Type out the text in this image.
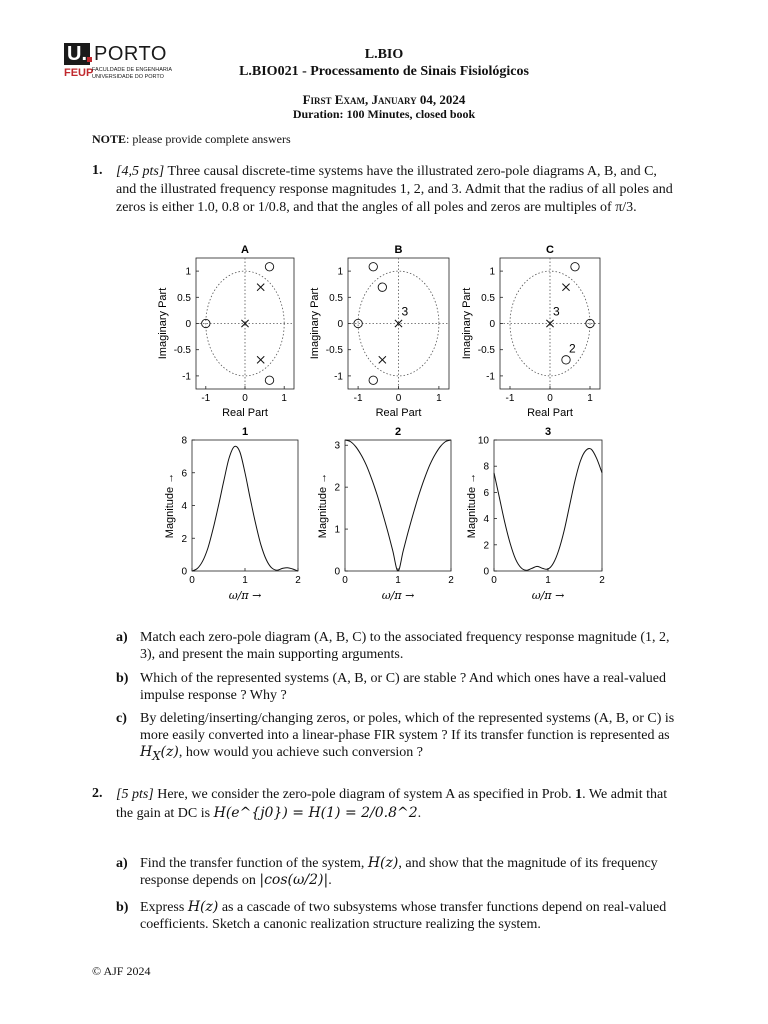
U. PORTO
FEUP
FACULDADE DE ENGENHARIA
UNIVERSIDADE DO PORTO
L.BIO
L.BIO021 - Processamento de Sinais Fisiológicos
First Exam, January 04, 2024
Duration: 100 Minutes, closed book
NOTE: please provide complete answers
1. [4,5 pts] Three causal discrete-time systems have the illustrated zero-pole diagrams A, B, and C, and the illustrated frequency response magnitudes 1, 2, and 3. Admit that the radius of all poles and zeros is either 1.0, 0.8 or 1/0.8, and that the angles of all poles and zeros are multiples of π/3.
A
-1	0	1
1
0.5
0
-0.5
-1
Real Part
Imaginary Part
B
-1	0	1
1
0.5
0
-0.5
-1
Real Part
Imaginary Part	3
C
-1	0	1
1
0.5
0
-0.5
-1
Real Part
Imaginary Part	3
2
1
0	1	2
0
2
4
6
8
ω/π →
Magnitude →
2
0	1	2
0
1
2
3
ω/π →
Magnitude →
3
0	1	2
0
2
4
6
8
10
ω/π →
Magnitude →
a) Match each zero-pole diagram (A, B, C) to the associated frequency response magnitude (1, 2, 3), and present the main supporting arguments.
b) Which of the represented systems (A, B, or C) are stable ? And which ones have a real-valued impulse response ? Why ?
c) By deleting/inserting/changing zeros, or poles, which of the represented systems (A, B, or C) is more easily converted into a linear-phase FIR system ? If its transfer function is represented as $H_X(z)$, how would you achieve such conversion ?
2. [5 pts] Here, we consider the zero-pole diagram of system A as specified in Prob. 1. We admit that the gain at DC is H(e^{j0}) = H(1) = 2/0.8^2.
a) Find the transfer function of the system, H(z), and show that the magnitude of its frequency response depends on |cos(ω/2)|.
b) Express H(z) as a cascade of two subsystems whose transfer functions depend on real-valued coefficients. Sketch a canonic realization structure realizing the system.
© AJF 2024
